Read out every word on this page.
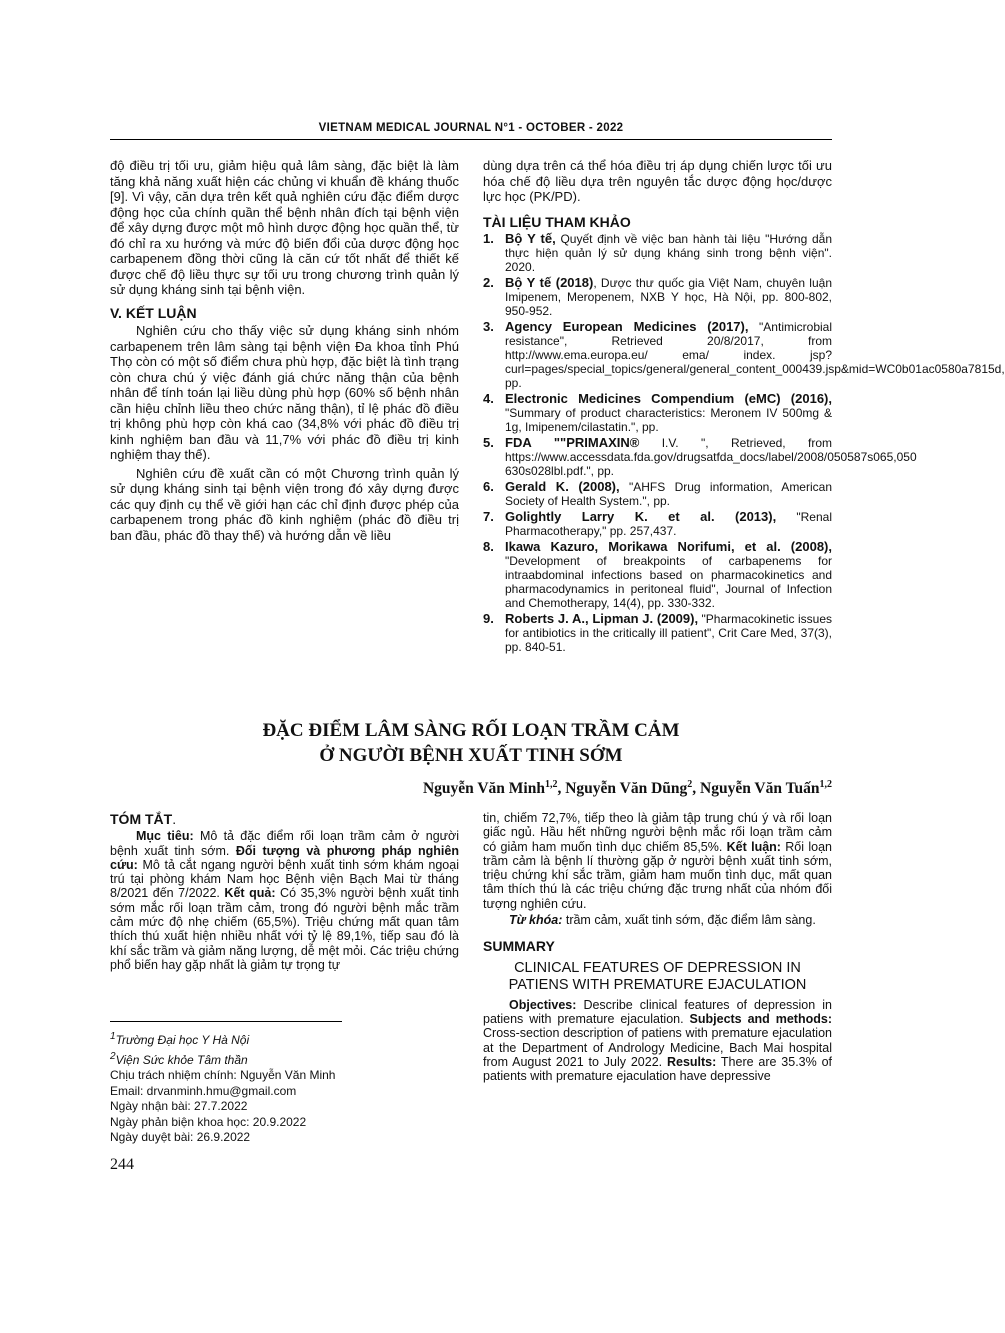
VIETNAM MEDICAL JOURNAL N°1 - OCTOBER - 2022

độ điều trị tối ưu, giảm hiệu quả lâm sàng, đặc biệt là làm tăng khả năng xuất hiện các chủng vi khuẩn đề kháng thuốc [9]. Vì vậy, căn dựa trên kết quả nghiên cứu đặc điểm dược động học của chính quần thể bệnh nhân đích tại bệnh viện để xây dựng được một mô hình dược động học quần thể, từ đó chỉ ra xu hướng và mức độ biến đổi của dược động học carbapenem đồng thời cũng là căn cứ tốt nhất để thiết kế được chế độ liều thực sự tối ưu trong chương trình quản lý sử dụng kháng sinh tại bệnh viện.

V. KẾT LUẬN

Nghiên cứu cho thấy việc sử dụng kháng sinh nhóm carbapenem trên lâm sàng tại bệnh viện Đa khoa tỉnh Phú Thọ còn có một số điểm chưa phù hợp, đặc biệt là tình trạng còn chưa chú ý việc đánh giá chức năng thận của bệnh nhân để tính toán lại liều dùng phù hợp (60% số bệnh nhân cần hiệu chỉnh liều theo chức năng thận), tỉ lệ phác đồ điều trị không phù hợp còn khá cao (34,8% với phác đồ điều trị kinh nghiệm ban đầu và 11,7% với phác đồ điều trị kinh nghiệm thay thế).

Nghiên cứu đề xuất cần có một Chương trình quản lý sử dụng kháng sinh tại bệnh viện trong đó xây dựng được các quy định cụ thể về giới hạn các chỉ định được phép của carbapenem trong phác đồ kinh nghiệm (phác đồ điều trị ban đầu, phác đồ thay thế) và hướng dẫn về liều

dùng dựa trên cá thể hóa điều trị áp dụng chiến lược tối ưu hóa chế độ liều dựa trên nguyên tắc dược động học/dược lực học (PK/PD).

TÀI LIỆU THAM KHẢO
1. Bộ Y tế, Quyết định về việc ban hành tài liệu "Hướng dẫn thực hiện quản lý sử dụng kháng sinh trong bệnh viện". 2020.
2. Bộ Y tế (2018), Dược thư quốc gia Việt Nam, chuyên luận Imipenem, Meropenem, NXB Y học, Hà Nội, pp. 800-802, 950-952.
3. Agency European Medicines (2017), "Antimicrobial resistance", Retrieved 20/8/2017, from http://www.ema.europa.eu/ ema/ index. jsp?curl=pages/special_topics/general/general_content_000439.jsp&mid=WC0b01ac0580a7815d, pp.
4. Electronic Medicines Compendium (eMC) (2016), "Summary of product characteristics: Meronem IV 500mg & 1g, Imipenem/cilastatin.", pp.
5. FDA ""PRIMAXIN® I.V. ", Retrieved, from https://www.accessdata.fda.gov/drugsatfda_docs/label/2008/050587s065,050 630s028lbl.pdf.", pp.
6. Gerald K. (2008), "AHFS Drug information, American Society of Health System.", pp.
7. Golightly Larry K. et al. (2013), "Renal Pharmacotherapy," pp. 257,437.
8. Ikawa Kazuro, Morikawa Norifumi, et al. (2008), "Development of breakpoints of carbapenems for intraabdominal infections based on pharmacokinetics and pharmacodynamics in peritoneal fluid", Journal of Infection and Chemotherapy, 14(4), pp. 330-332.
9. Roberts J. A., Lipman J. (2009), "Pharmacokinetic issues for antibiotics in the critically ill patient", Crit Care Med, 37(3), pp. 840-51.
ĐẶC ĐIỂM LÂM SÀNG RỐI LOẠN TRẦM CẢM
Ở NGƯỜI BỆNH XUẤT TINH SỚM
Nguyễn Văn Minh$^{1,2}$, Nguyễn Văn Dũng$^2$, Nguyễn Văn Tuấn$^{1,2}$
TÓM TẮT.

Mục tiêu: Mô tả đặc điểm rối loạn trầm cảm ở người bệnh xuất tinh sớm. Đối tượng và phương pháp nghiên cứu: Mô tả cắt ngang người bệnh xuất tinh sớm khám ngoại trú tại phòng khám Nam học Bệnh viện Bạch Mai từ tháng 8/2021 đến 7/2022. Kết quả: Có 35,3% người bệnh xuất tinh sớm mắc rối loạn trầm cảm, trong đó người bệnh mắc trầm cảm mức độ nhẹ chiếm (65,5%). Triệu chứng mất quan tâm thích thú xuất hiện nhiều nhất với tỷ lệ 89,1%, tiếp sau đó là khí sắc trầm và giảm năng lượng, dễ mệt mỏi. Các triệu chứng phổ biến hay gặp nhất là giảm tự trọng tự

tin, chiếm 72,7%, tiếp theo là giảm tập trung chú ý và rối loạn giấc ngủ. Hầu hết những người bệnh mắc rối loạn trầm cảm có giảm ham muốn tình dục chiếm 85,5%. Kết luận: Rối loạn trầm cảm là bệnh lí thường gặp ở người bệnh xuất tinh sớm, triệu chứng khí sắc trầm, giảm ham muốn tình dục, mất quan tâm thích thú là các triệu chứng đặc trưng nhất của nhóm đối tượng nghiên cứu.

Từ khóa: trầm cảm, xuất tinh sớm, đặc điểm lâm sàng.

SUMMARY
CLINICAL FEATURES OF DEPRESSION IN
PATIENS WITH PREMATURE EJACULATION

Objectives: Describe clinical features of depression in patiens with premature ejaculation. Subjects and methods: Cross-section description of patiens with premature ejaculation at the Department of Andrology Medicine, Bach Mai hospital from August 2021 to July 2022. Results: There are 35.3% of patients with premature ejaculation have depressive

$^1$Trường Đại học Y Hà Nội
$^2$Viện Sức khỏe Tâm thần
Chịu trách nhiệm chính: Nguyễn Văn Minh
Email: drvanminh.hmu@gmail.com
Ngày nhận bài: 27.7.2022
Ngày phản biện khoa học: 20.9.2022
Ngày duyệt bài: 26.9.2022
244
